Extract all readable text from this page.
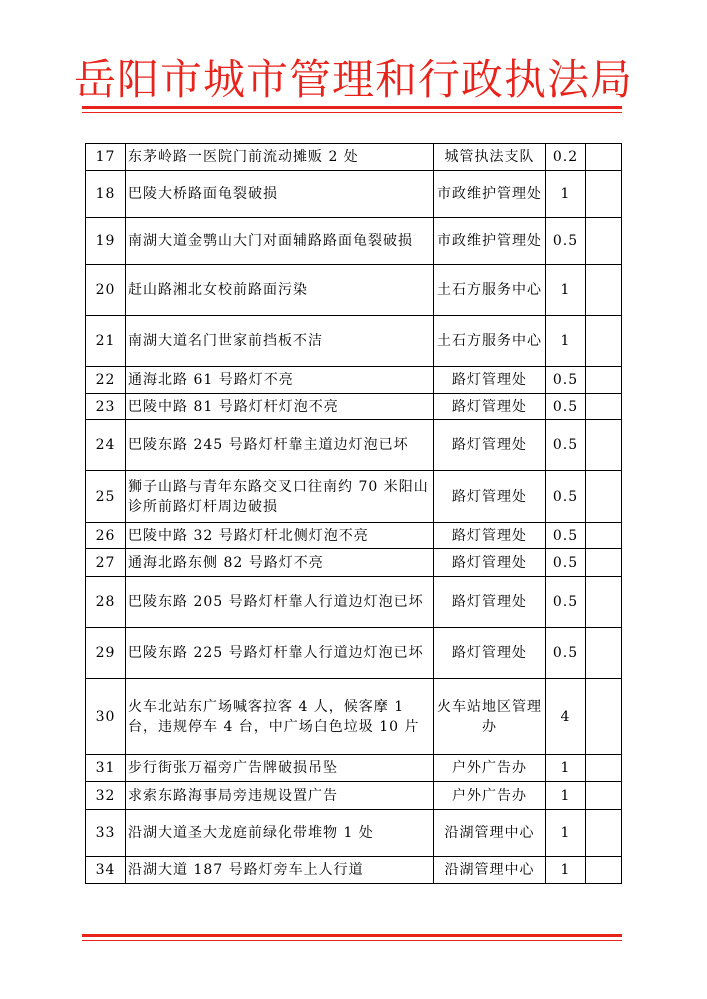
岳阳市城市管理和行政执法局
17	东茅岭路一医院门前流动摊贩 2 处	城管执法支队	0.2	
18	巴陵大桥路面龟裂破损	市政维护管理处	1	
19	南湖大道金鹗山大门对面辅路路面龟裂破损	市政维护管理处	0.5	
20	赶山路湘北女校前路面污染	土石方服务中心	1	
21	南湖大道名门世家前挡板不洁	土石方服务中心	1	
22	通海北路 61 号路灯不亮	路灯管理处	0.5	
23	巴陵中路 81 号路灯杆灯泡不亮	路灯管理处	0.5	
24	巴陵东路 245 号路灯杆靠主道边灯泡已坏	路灯管理处	0.5	
25	狮子山路与青年东路交叉口往南约 70 米阳山诊所前路灯杆周边破损	路灯管理处	0.5	
26	巴陵中路 32 号路灯杆北侧灯泡不亮	路灯管理处	0.5	
27	通海北路东侧 82 号路灯不亮	路灯管理处	0.5	
28	巴陵东路 205 号路灯杆靠人行道边灯泡已坏	路灯管理处	0.5	
29	巴陵东路 225 号路灯杆靠人行道边灯泡已坏	路灯管理处	0.5	
30	火车北站东广场喊客拉客 4 人，候客摩 1 台，违规停车 4 台，中广场白色垃圾 10 片	火车站地区管理办	4	
31	步行街张万福旁广告牌破损吊坠	户外广告办	1	
32	求索东路海事局旁违规设置广告	户外广告办	1	
33	沿湖大道圣大龙庭前绿化带堆物 1 处	沿湖管理中心	1	
34	沿湖大道 187 号路灯旁车上人行道	沿湖管理中心	1	
